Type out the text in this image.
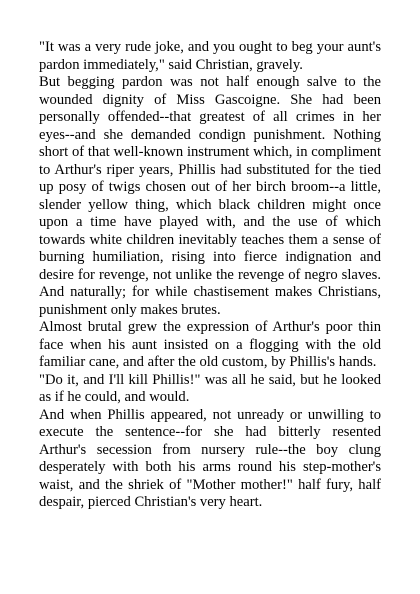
"It was a very rude joke, and you ought to beg your aunt's pardon immediately," said Christian, gravely.

But begging pardon was not half enough salve to the wounded dignity of Miss Gascoigne. She had been personally offended--that greatest of all crimes in her eyes--and she demanded condign punishment. Nothing short of that well-known instrument which, in compliment to Arthur's riper years, Phillis had substituted for the tied up posy of twigs chosen out of her birch broom--a little, slender yellow thing, which black children might once upon a time have played with, and the use of which towards white children inevitably teaches them a sense of burning humiliation, rising into fierce indignation and desire for revenge, not unlike the revenge of negro slaves. And naturally; for while chastisement makes Christians, punishment only makes brutes.

Almost brutal grew the expression of Arthur's poor thin face when his aunt insisted on a flogging with the old familiar cane, and after the old custom, by Phillis's hands.

"Do it, and I'll kill Phillis!" was all he said, but he looked as if he could, and would.

And when Phillis appeared, not unready or unwilling to execute the sentence--for she had bitterly resented Arthur's secession from nursery rule--the boy clung desperately with both his arms round his step-mother's waist, and the shriek of "Mother mother!" half fury, half despair, pierced Christian's very heart.
